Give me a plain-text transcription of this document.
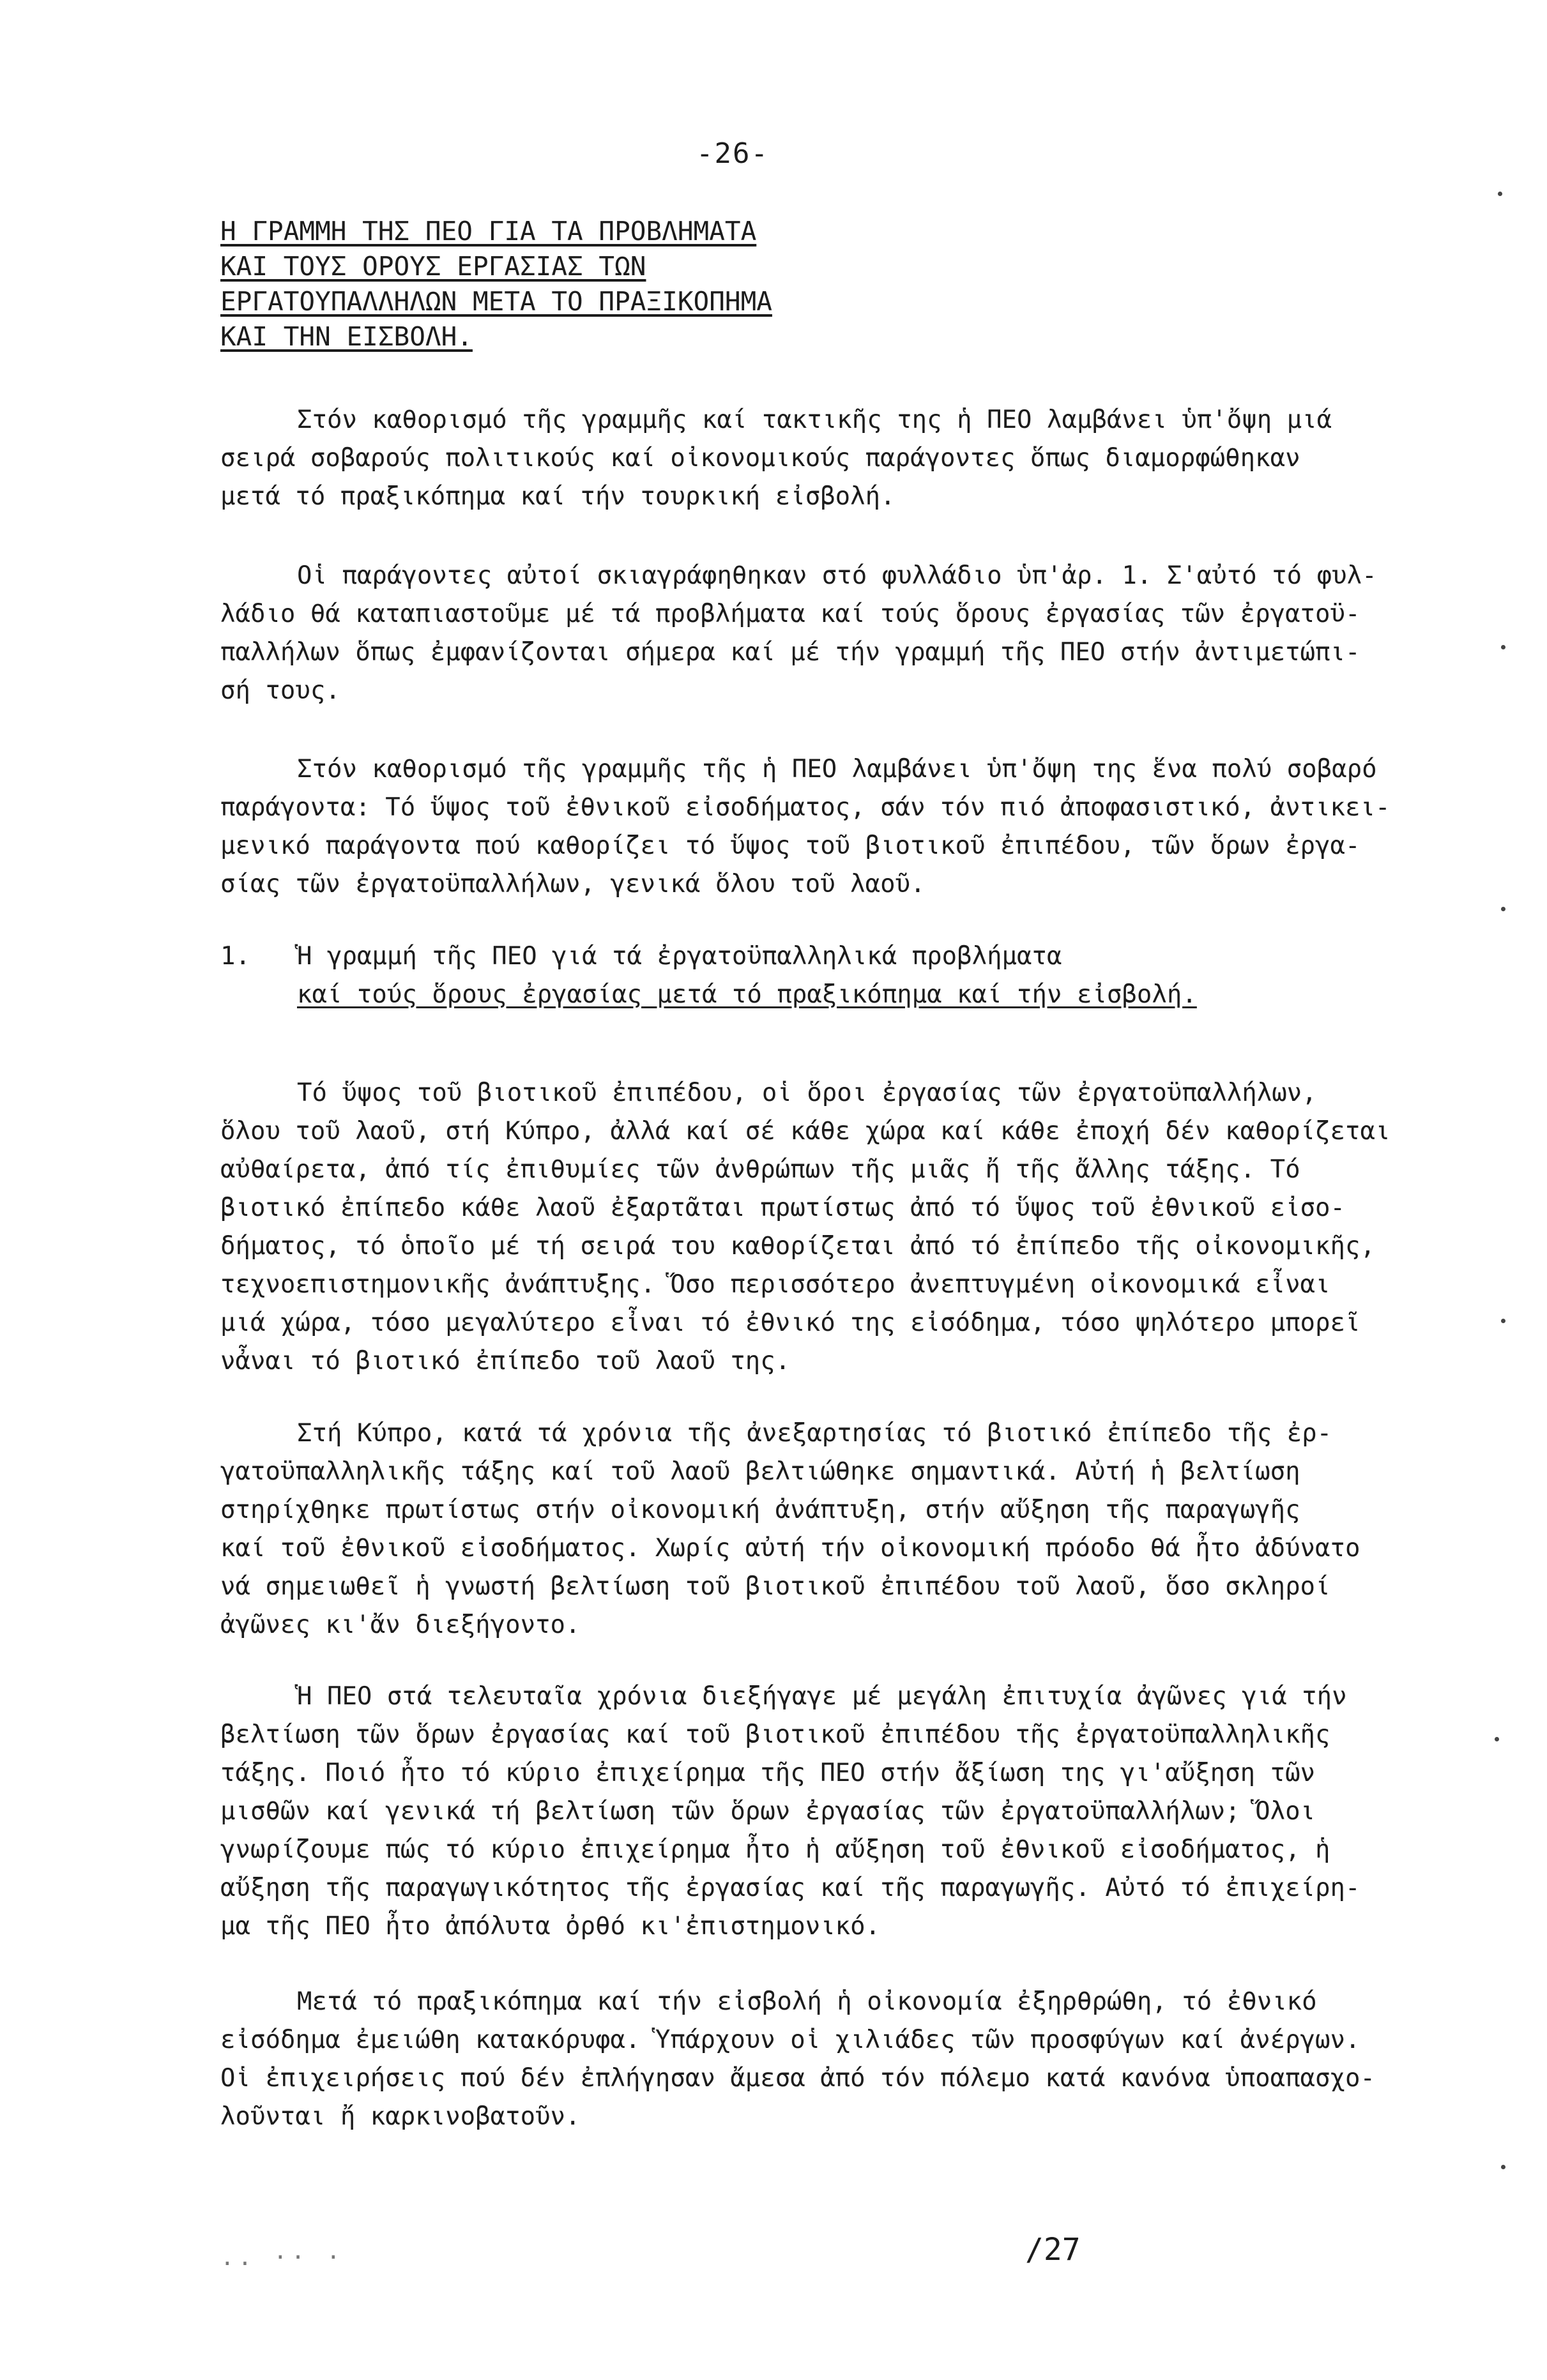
-26-
Η ΓΡΑΜΜΗ ΤΗΣ ΠΕΟ ΓΙΑ ΤΑ ΠΡΟΒΛΗΜΑΤΑ
ΚΑΙ ΤΟΥΣ ΟΡΟΥΣ ΕΡΓΑΣΙΑΣ ΤΩΝ
ΕΡΓΑΤΟΥΠΑΛΛΗΛΩΝ ΜΕΤΑ ΤΟ ΠΡΑΞΙΚΟΠΗΜΑ
ΚΑΙ ΤΗΝ ΕΙΣΒΟΛΗ.
Στόν καθορισμό τῆς γραμμῆς καί τακτικῆς της ἡ ΠΕΟ λαμβάνει ὑπ'ὄψη μιά
σειρά σοβαρούς πολιτικούς καί οἰκονομικούς παράγοντες ὅπως διαμορφώθηκαν
μετά τό πραξικόπημα καί τήν τουρκική εἰσβολή.
Οἱ παράγοντες αὐτοί σκιαγράφηθηκαν στό φυλλάδιο ὑπ'ἀρ. 1. Σ'αὐτό τό φυλ-
λάδιο θά καταπιαστοῦμε μέ τά προβλήματα καί τούς ὅρους ἐργασίας τῶν ἐργατοϋ-
παλλήλων ὅπως ἐμφανίζονται σήμερα καί μέ τήν γραμμή τῆς ΠΕΟ στήν ἀντιμετώπι-
σή τους.
Στόν καθορισμό τῆς γραμμῆς τῆς ἡ ΠΕΟ λαμβάνει ὑπ'ὄψη της ἕνα πολύ σοβαρό
παράγοντα: Τό ὕψος τοῦ ἐθνικοῦ εἰσοδήματος, σάν τόν πιό ἀποφασιστικό, ἀντικει-
μενικό παράγοντα πού καθορίζει τό ὕψος τοῦ βιοτικοῦ ἐπιπέδου, τῶν ὅρων ἐργα-
σίας τῶν ἐργατοϋπαλλήλων, γενικά ὅλου τοῦ λαοῦ.
1. Ἡ γραμμή τῆς ΠΕΟ γιά τά ἐργατοϋπαλληλικά προβλήματα
καί τούς ὅρους ἐργασίας μετά τό πραξικόπημα καί τήν εἰσβολή.
Τό ὕψος τοῦ βιοτικοῦ ἐπιπέδου, οἱ ὅροι ἐργασίας τῶν ἐργατοϋπαλλήλων,
ὅλου τοῦ λαοῦ, στή Κύπρο, ἀλλά καί σέ κάθε χώρα καί κάθε ἐποχή δέν καθορίζεται
αὐθαίρετα, ἀπό τίς ἐπιθυμίες τῶν ἀνθρώπων τῆς μιᾶς ἤ τῆς ἄλλης τάξης. Τό
βιοτικό ἐπίπεδο κάθε λαοῦ ἐξαρτᾶται πρωτίστως ἀπό τό ὕψος τοῦ ἐθνικοῦ εἰσο-
δήματος, τό ὁποῖο μέ τή σειρά του καθορίζεται ἀπό τό ἐπίπεδο τῆς οἰκονομικῆς,
τεχνοεπιστημονικῆς ἀνάπτυξης. Ὅσο περισσότερο ἀνεπτυγμένη οἰκονομικά εἶναι
μιά χώρα, τόσο μεγαλύτερο εἶναι τό ἐθνικό της εἰσόδημα, τόσο ψηλότερο μπορεῖ
νἆναι τό βιοτικό ἐπίπεδο τοῦ λαοῦ της.
Στή Κύπρο, κατά τά χρόνια τῆς ἀνεξαρτησίας τό βιοτικό ἐπίπεδο τῆς ἐρ-
γατοϋπαλληλικῆς τάξης καί τοῦ λαοῦ βελτιώθηκε σημαντικά. Αὐτή ἡ βελτίωση
στηρίχθηκε πρωτίστως στήν οἰκονομική ἀνάπτυξη, στήν αὔξηση τῆς παραγωγῆς
καί τοῦ ἐθνικοῦ εἰσοδήματος. Χωρίς αὐτή τήν οἰκονομική πρόοδο θά ἦτο ἀδύνατο
νά σημειωθεῖ ἡ γνωστή βελτίωση τοῦ βιοτικοῦ ἐπιπέδου τοῦ λαοῦ, ὅσο σκληροί
ἀγῶνες κι'ἄν διεξήγοντο.
Ἡ ΠΕΟ στά τελευταῖα χρόνια διεξήγαγε μέ μεγάλη ἐπιτυχία ἀγῶνες γιά τήν
βελτίωση τῶν ὅρων ἐργασίας καί τοῦ βιοτικοῦ ἐπιπέδου τῆς ἐργατοϋπαλληλικῆς
τάξης. Ποιό ἦτο τό κύριο ἐπιχείρημα τῆς ΠΕΟ στήν ἄξίωση της γι'αὔξηση τῶν
μισθῶν καί γενικά τή βελτίωση τῶν ὅρων ἐργασίας τῶν ἐργατοϋπαλλήλων; Ὅλοι
γνωρίζουμε πώς τό κύριο ἐπιχείρημα ἦτο ἡ αὔξηση τοῦ ἐθνικοῦ εἰσοδήματος, ἡ
αὔξηση τῆς παραγωγικότητος τῆς ἐργασίας καί τῆς παραγωγῆς. Αὐτό τό ἐπιχείρη-
μα τῆς ΠΕΟ ἦτο ἀπόλυτα ὀρθό κι'ἐπιστημονικό.
Μετά τό πραξικόπημα καί τήν εἰσβολή ἡ οἰκονομία ἐξηρθρώθη, τό ἐθνικό
εἰσόδημα ἐμειώθη κατακόρυφα. Ὑπάρχουν οἱ χιλιάδες τῶν προσφύγων καί ἀνέργων.
Οἱ ἐπιχειρήσεις πού δέν ἐπλήγησαν ἄμεσα ἀπό τόν πόλεμο κατά κανόνα ὑποαπασχο-
λοῦνται ἤ καρκινοβατοῦν.
.. ·· ·	/27
